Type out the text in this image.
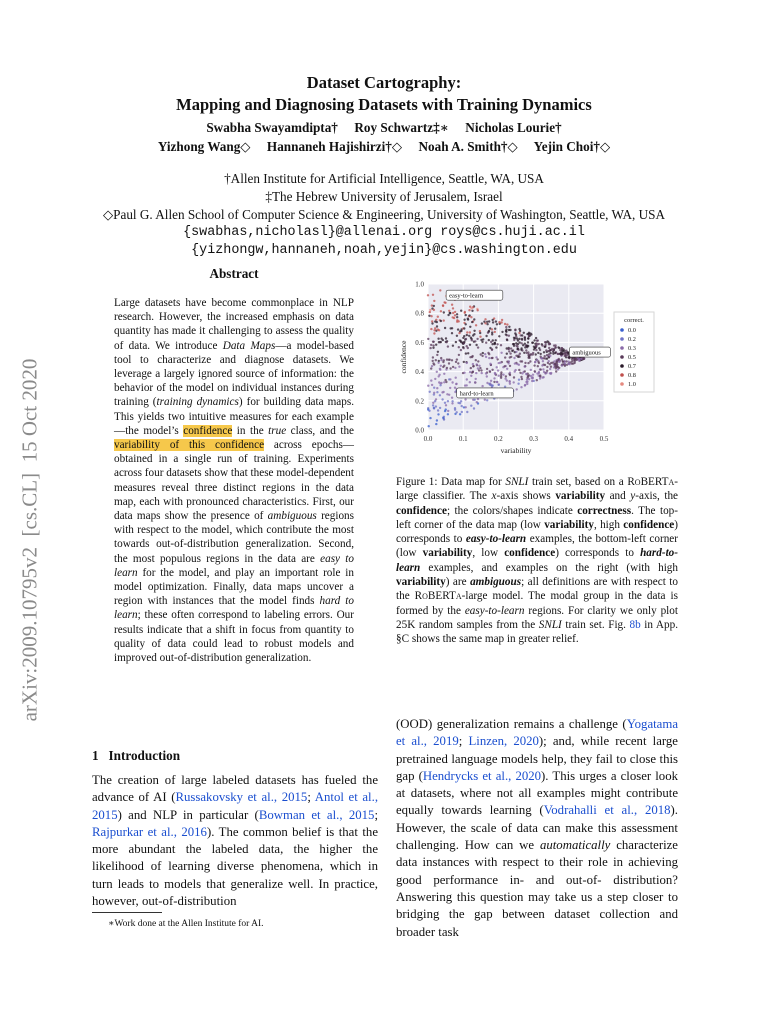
Dataset Cartography:
Mapping and Diagnosing Datasets with Training Dynamics
Swabha Swayamdipta†     Roy Schwartz‡∗     Nicholas Lourie†
Yizhong Wang◇     Hannaneh Hajishirzi†◇     Noah A. Smith†◇     Yejin Choi†◇
†Allen Institute for Artificial Intelligence, Seattle, WA, USA
‡The Hebrew University of Jerusalem, Israel
◇Paul G. Allen School of Computer Science & Engineering, University of Washington, Seattle, WA, USA
{swabhas,nicholasl}@allenai.org roys@cs.huji.ac.il
{yizhongw,hannaneh,noah,yejin}@cs.washington.edu
arXiv:2009.10795v2  [cs.CL]  15 Oct 2020
Abstract
Large datasets have become commonplace in NLP research. However, the increased emphasis on data quantity has made it challenging to assess the quality of data. We introduce Data Maps—a model-based tool to characterize and diagnose datasets. We leverage a largely ignored source of information: the behavior of the model on individual instances during training (training dynamics) for building data maps. This yields two intuitive measures for each example—the model’s confidence in the true class, and the variability of this confidence across epochs—obtained in a single run of training. Experiments across four datasets show that these model-dependent measures reveal three distinct regions in the data map, each with pronounced characteristics. First, our data maps show the presence of ambiguous regions with respect to the model, which contribute the most towards out-of-distribution generalization. Second, the most populous regions in the data are easy to learn for the model, and play an important role in model optimization. Finally, data maps uncover a region with instances that the model finds hard to learn; these often correspond to labeling errors. Our results indicate that a shift in focus from quantity to quality of data could lead to robust models and improved out-of-distribution generalization.
1   Introduction
The creation of large labeled datasets has fueled the advance of AI (Russakovsky et al., 2015; Antol et al., 2015) and NLP in particular (Bowman et al., 2015; Rajpurkar et al., 2016). The common belief is that the more abundant the labeled data, the higher the likelihood of learning diverse phenomena, which in turn leads to models that generalize well. In practice, however, out-of-distribution
∗Work done at the Allen Institute for AI.
0.0	0.1	0.2	0.3	0.4	0.5
0.0
0.2
0.4
0.6
0.8
1.0
variability
confidence
easy-to-learn
ambiguous
hard-to-learn
correct.
0.0
0.2
0.3
0.5
0.7
0.8
1.0
Figure 1: Data map for SNLI train set, based on a RoBERTa-large classifier. The x-axis shows variability and y-axis, the confidence; the colors/shapes indicate correctness. The top-left corner of the data map (low variability, high confidence) corresponds to easy-to-learn examples, the bottom-left corner (low variability, low confidence) corresponds to hard-to-learn examples, and examples on the right (with high variability) are ambiguous; all definitions are with respect to the RoBERTa-large model. The modal group in the data is formed by the easy-to-learn regions. For clarity we only plot 25K random samples from the SNLI train set. Fig. 8b in App. §C shows the same map in greater relief.
(OOD) generalization remains a challenge (Yogatama et al., 2019; Linzen, 2020); and, while recent large pretrained language models help, they fail to close this gap (Hendrycks et al., 2020). This urges a closer look at datasets, where not all examples might contribute equally towards learning (Vodrahalli et al., 2018). However, the scale of data can make this assessment challenging. How can we automatically characterize data instances with respect to their role in achieving good performance in- and out-of- distribution? Answering this question may take us a step closer to bridging the gap between dataset collection and broader task
